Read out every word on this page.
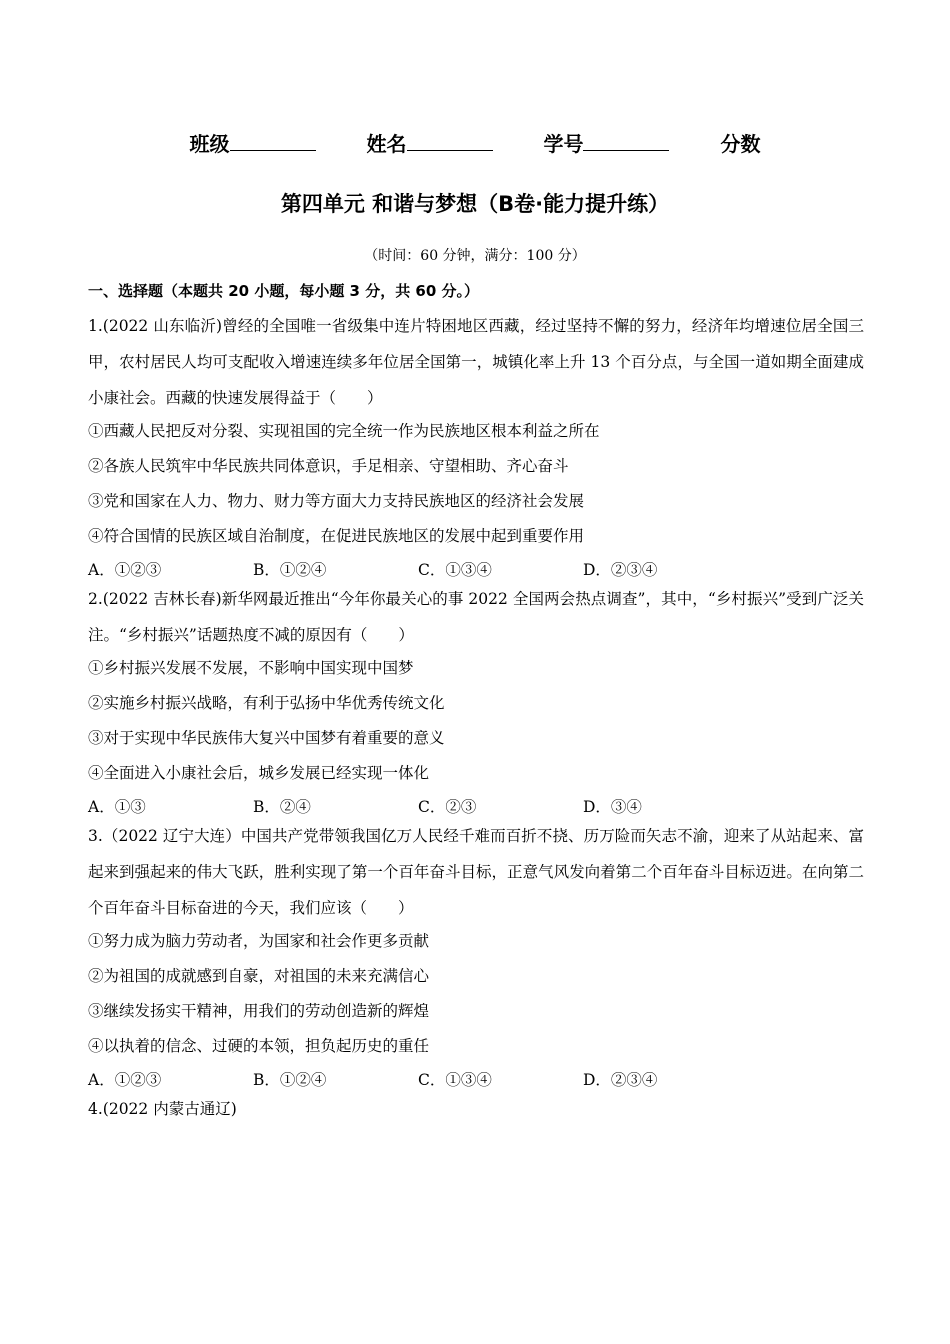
班级	姓名	学号	分数
第四单元 和谐与梦想（B卷·能力提升练）
（时间：60 分钟，满分：100 分）
一、选择题（本题共 20 小题，每小题 3 分，共 60 分。）
1.(2022 山东临沂)曾经的全国唯一省级集中连片特困地区西藏，经过坚持不懈的努力，经济年均增速位居全国三甲，农村居民人均可支配收入增速连续多年位居全国第一，城镇化率上升 13 个百分点，与全国一道如期全面建成小康社会。西藏的快速发展得益于（　　）
①西藏人民把反对分裂、实现祖国的完全统一作为民族地区根本利益之所在
②各族人民筑牢中华民族共同体意识，手足相亲、守望相助、齐心奋斗
③党和国家在人力、物力、财力等方面大力支持民族地区的经济社会发展
④符合国情的民族区域自治制度，在促进民族地区的发展中起到重要作用
A．①②③	B．①②④	C．①③④	D．②③④
2.(2022 吉林长春)新华网最近推出“今年你最关心的事 2022 全国两会热点调查”，其中，“乡村振兴”受到广泛关注。“乡村振兴”话题热度不减的原因有（　　）
①乡村振兴发展不发展，不影响中国实现中国梦
②实施乡村振兴战略，有利于弘扬中华优秀传统文化
③对于实现中华民族伟大复兴中国梦有着重要的意义
④全面进入小康社会后，城乡发展已经实现一体化
A．①③	B．②④	C．②③	D．③④
3.（2022 辽宁大连）中国共产党带领我国亿万人民经千难而百折不挠、历万险而矢志不渝，迎来了从站起来、富起来到强起来的伟大飞跃，胜利实现了第一个百年奋斗目标，正意气风发向着第二个百年奋斗目标迈进。在向第二个百年奋斗目标奋进的今天，我们应该（　　）
①努力成为脑力劳动者，为国家和社会作更多贡献
②为祖国的成就感到自豪，对祖国的未来充满信心
③继续发扬实干精神，用我们的劳动创造新的辉煌
④以执着的信念、过硬的本领，担负起历史的重任
A．①②③	B．①②④	C．①③④	D．②③④
4.(2022 内蒙古通辽)
